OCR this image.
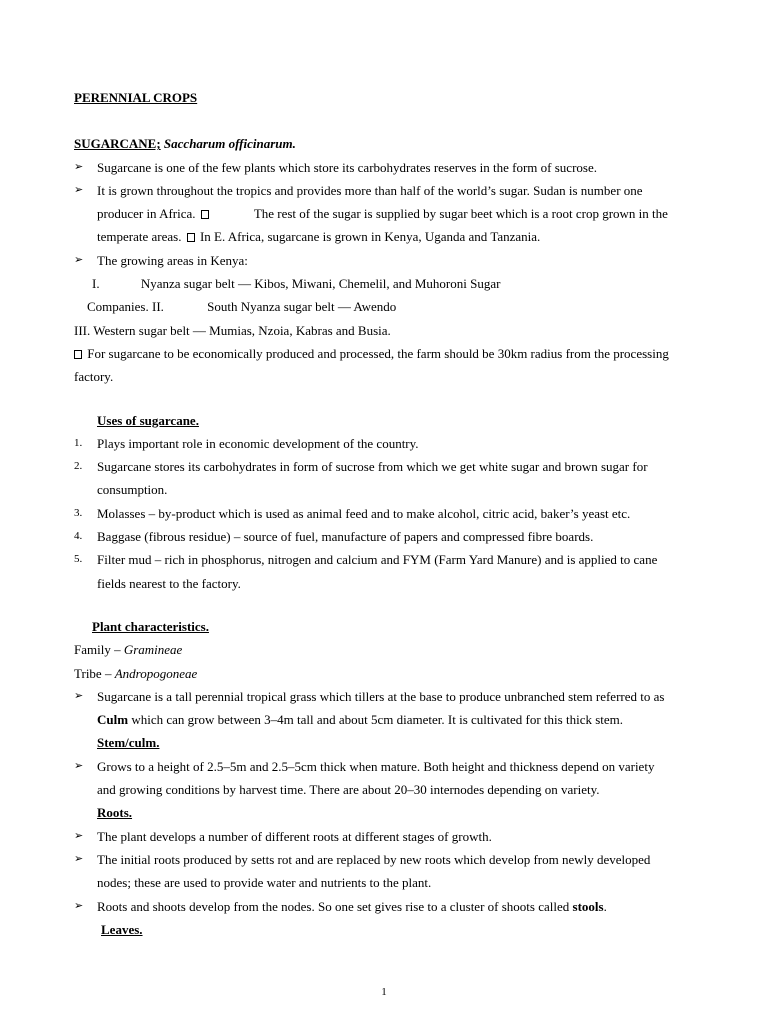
PERENNIAL CROPS
SUGARCANE; Saccharum officinarum.
➢ Sugarcane is one of the few plants which store its carbohydrates reserves in the form of sucrose.
➢ It is grown throughout the tropics and provides more than half of the world’s sugar. Sudan is number one
producer in Africa.	The rest of the sugar is supplied by sugar beet which is a root crop grown in the
temperate areas. In E. Africa, sugarcane is grown in Kenya, Uganda and Tanzania.
➢ The growing areas in Kenya:
I.	Nyanza sugar belt — Kibos, Miwani, Chemelil, and Muhoroni Sugar
Companies. II.	South Nyanza sugar belt — Awendo
III. Western sugar belt — Mumias, Nzoia, Kabras and Busia.
For sugarcane to be economically produced and processed, the farm should be 30km radius from the processing
factory.
Uses of sugarcane.
1. Plays important role in economic development of the country.
2. Sugarcane stores its carbohydrates in form of sucrose from which we get white sugar and brown sugar for
consumption.
3. Molasses – by-product which is used as animal feed and to make alcohol, citric acid, baker’s yeast etc.
4. Baggase (fibrous residue) – source of fuel, manufacture of papers and compressed fibre boards.
5. Filter mud – rich in phosphorus, nitrogen and calcium and FYM (Farm Yard Manure) and is applied to cane
fields nearest to the factory.
Plant characteristics.
Family – Gramineae
Tribe – Andropogoneae
➢ Sugarcane is a tall perennial tropical grass which tillers at the base to produce unbranched stem referred to as
Culm which can grow between 3–4m tall and about 5cm diameter. It is cultivated for this thick stem.
Stem/culm.
➢ Grows to a height of 2.5–5m and 2.5–5cm thick when mature. Both height and thickness depend on variety
and growing conditions by harvest time. There are about 20–30 internodes depending on variety.
Roots.
➢ The plant develops a number of different roots at different stages of growth.
➢ The initial roots produced by setts rot and are replaced by new roots which develop from newly developed
nodes; these are used to provide water and nutrients to the plant.
➢ Roots and shoots develop from the nodes. So one set gives rise to a cluster of shoots called stools.
Leaves.
1
